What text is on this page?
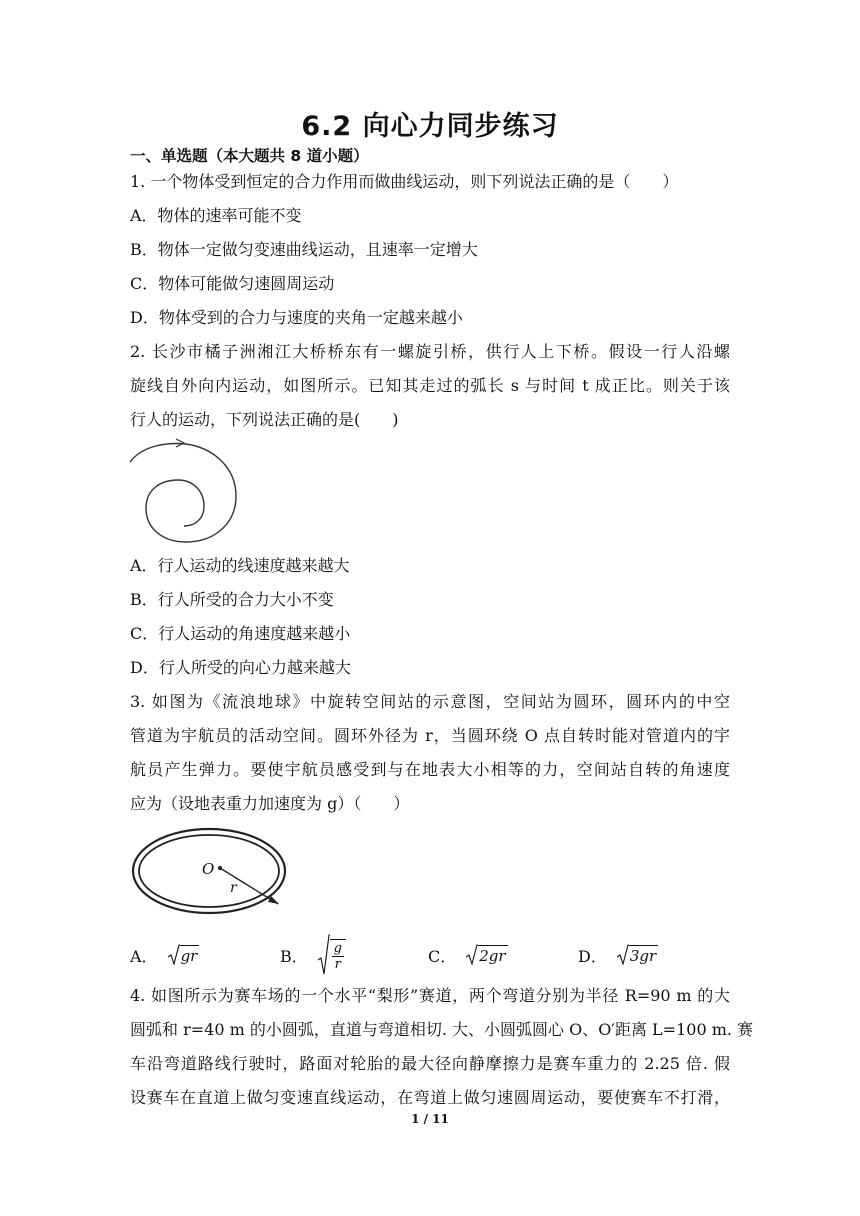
6.2 向心力同步练习
一、单选题（本大题共 8 道小题）
1. 一个物体受到恒定的合力作用而做曲线运动，则下列说法正确的是（　　）
A．物体的速率可能不变
B．物体一定做匀变速曲线运动，且速率一定增大
C．物体可能做匀速圆周运动
D．物体受到的合力与速度的夹角一定越来越小
2. 长沙市橘子洲湘江大桥桥东有一螺旋引桥，供行人上下桥。假设一行人沿螺
旋线自外向内运动，如图所示。已知其走过的弧长 s 与时间 t 成正比。则关于该
行人的运动，下列说法正确的是(　　)
A．行人运动的线速度越来越大
B．行人所受的合力大小不变
C．行人运动的角速度越来越小
D．行人所受的向心力越来越大
3. 如图为《流浪地球》中旋转空间站的示意图，空间站为圆环，圆环内的中空
管道为宇航员的活动空间。圆环外径为 r，当圆环绕 O 点自转时能对管道内的宇
航员产生弹力。要使宇航员感受到与在地表大小相等的力，空间站自转的角速度
应为（设地表重力加速度为 g）（　　）
O
r
A． gr	B． g
r	C． 2gr	D． 3gr
4. 如图所示为赛车场的一个水平“梨形”赛道，两个弯道分别为半径 R=90 m 的大
圆弧和 r=40 m 的小圆弧，直道与弯道相切. 大、小圆弧圆心 O、O′距离 L=100 m. 赛
车沿弯道路线行驶时，路面对轮胎的最大径向静摩擦力是赛车重力的 2.25 倍. 假
设赛车在直道上做匀变速直线运动，在弯道上做匀速圆周运动，要使赛车不打滑，
1 / 11
